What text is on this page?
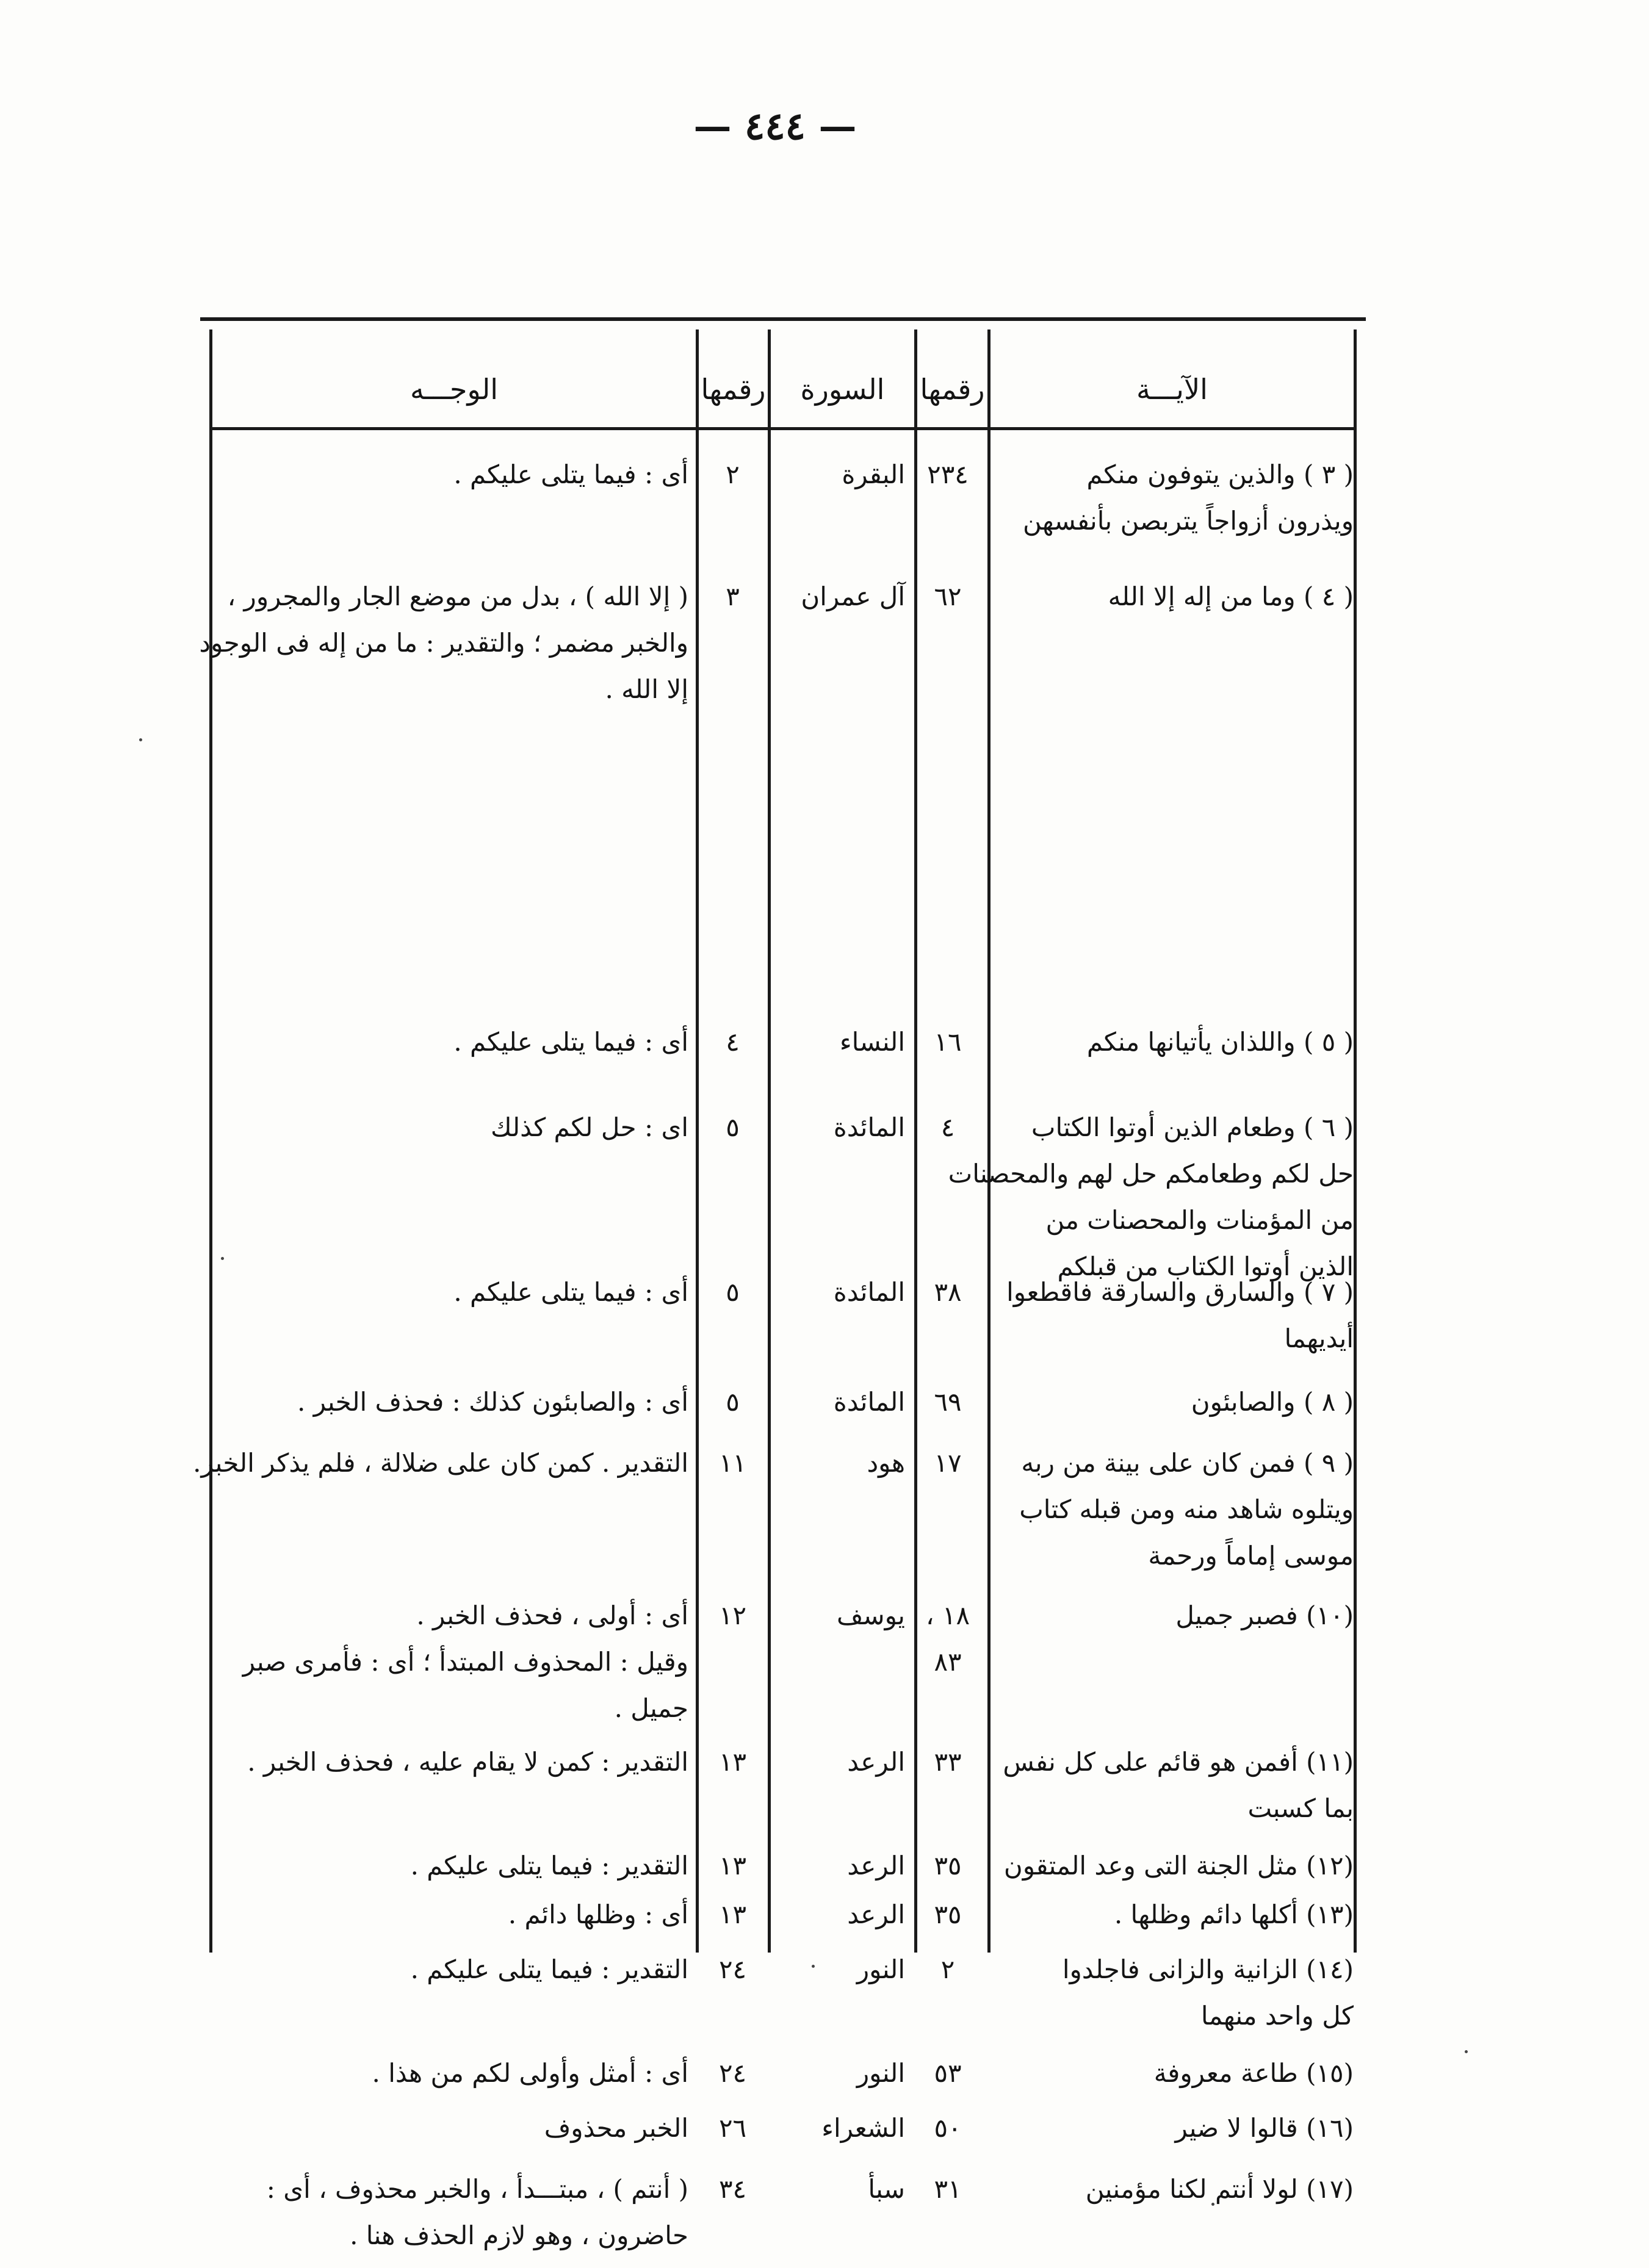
— ٤٤٤ —
الآيـــة
رقمها
السورة
رقمها
الوجـــه
( ٣ ) والذين يتوفون منكم
ويذرون أزواجاً يتربصن بأنفسهن
٢٣٤
البقرة
٢
أى : فيما يتلى عليكم .
( ٤ ) وما من إله إلا الله
٦٢
آل عمران
٣
( إلا الله ) ، بدل من موضع الجار والمجرور ،
والخبر مضمر ؛ والتقدير : ما من إله فى الوجود
إلا الله .
( ٥ ) واللذان يأتيانها منكم
١٦
النساء
٤
أى : فيما يتلى عليكم .
( ٦ ) وطعام الذين أوتوا الكتاب
حل لكم وطعامكم حل لهم والمحصنات
من المؤمنات والمحصنات من
الذين أوتوا الكتاب من قبلكم
٤
المائدة
٥
اى : حل لكم كذلك
( ٧ ) والسارق والسارقة فاقطعوا
أيديهما
٣٨
المائدة
٥
أى : فيما يتلى عليكم .
( ٨ ) والصابئون
٦٩
المائدة
٥
أى : والصابئون كذلك : فحذف الخبر .
( ٩ ) فمن كان على بينة من ربه
ويتلوه شاهد منه ومن قبله كتاب
موسى إماماً ورحمة
١٧
هود
١١
التقدير . كمن كان على ضلالة ، فلم يذكر الخبر.
(١٠) فصبر جميل
١٨ ،
٨٣
يوسف
١٢
أى : أولى ، فحذف الخبر .
وقيل : المحذوف المبتدأ ؛ أى : فأمرى صبر
جميل .
(١١) أفمن هو قائم على كل نفس
بما كسبت
٣٣
الرعد
١٣
التقدير : كمن لا يقام عليه ، فحذف الخبر .
(١٢) مثل الجنة التى وعد المتقون
٣٥
الرعد
١٣
التقدير : فيما يتلى عليكم .
(١٣) أكلها دائم وظلها .
٣٥
الرعد
١٣
أى : وظلها دائم .
(١٤) الزانية والزانى فاجلدوا
كل واحد منهما
٢
النور
٢٤
التقدير : فيما يتلى عليكم .
(١٥) طاعة معروفة
٥٣
النور
٢٤
أى : أمثل وأولى لكم من هذا .
(١٦) قالوا لا ضير
٥٠
الشعراء
٢٦
الخبر محذوف
(١٧) لولا أنتم لكنا مؤمنين
٣١
سبأ
٣٤
( أنتم ) ، مبتـــدأ ، والخبر محذوف ، أى :
حاضرون ، وهو لازم الحذف هنا .
